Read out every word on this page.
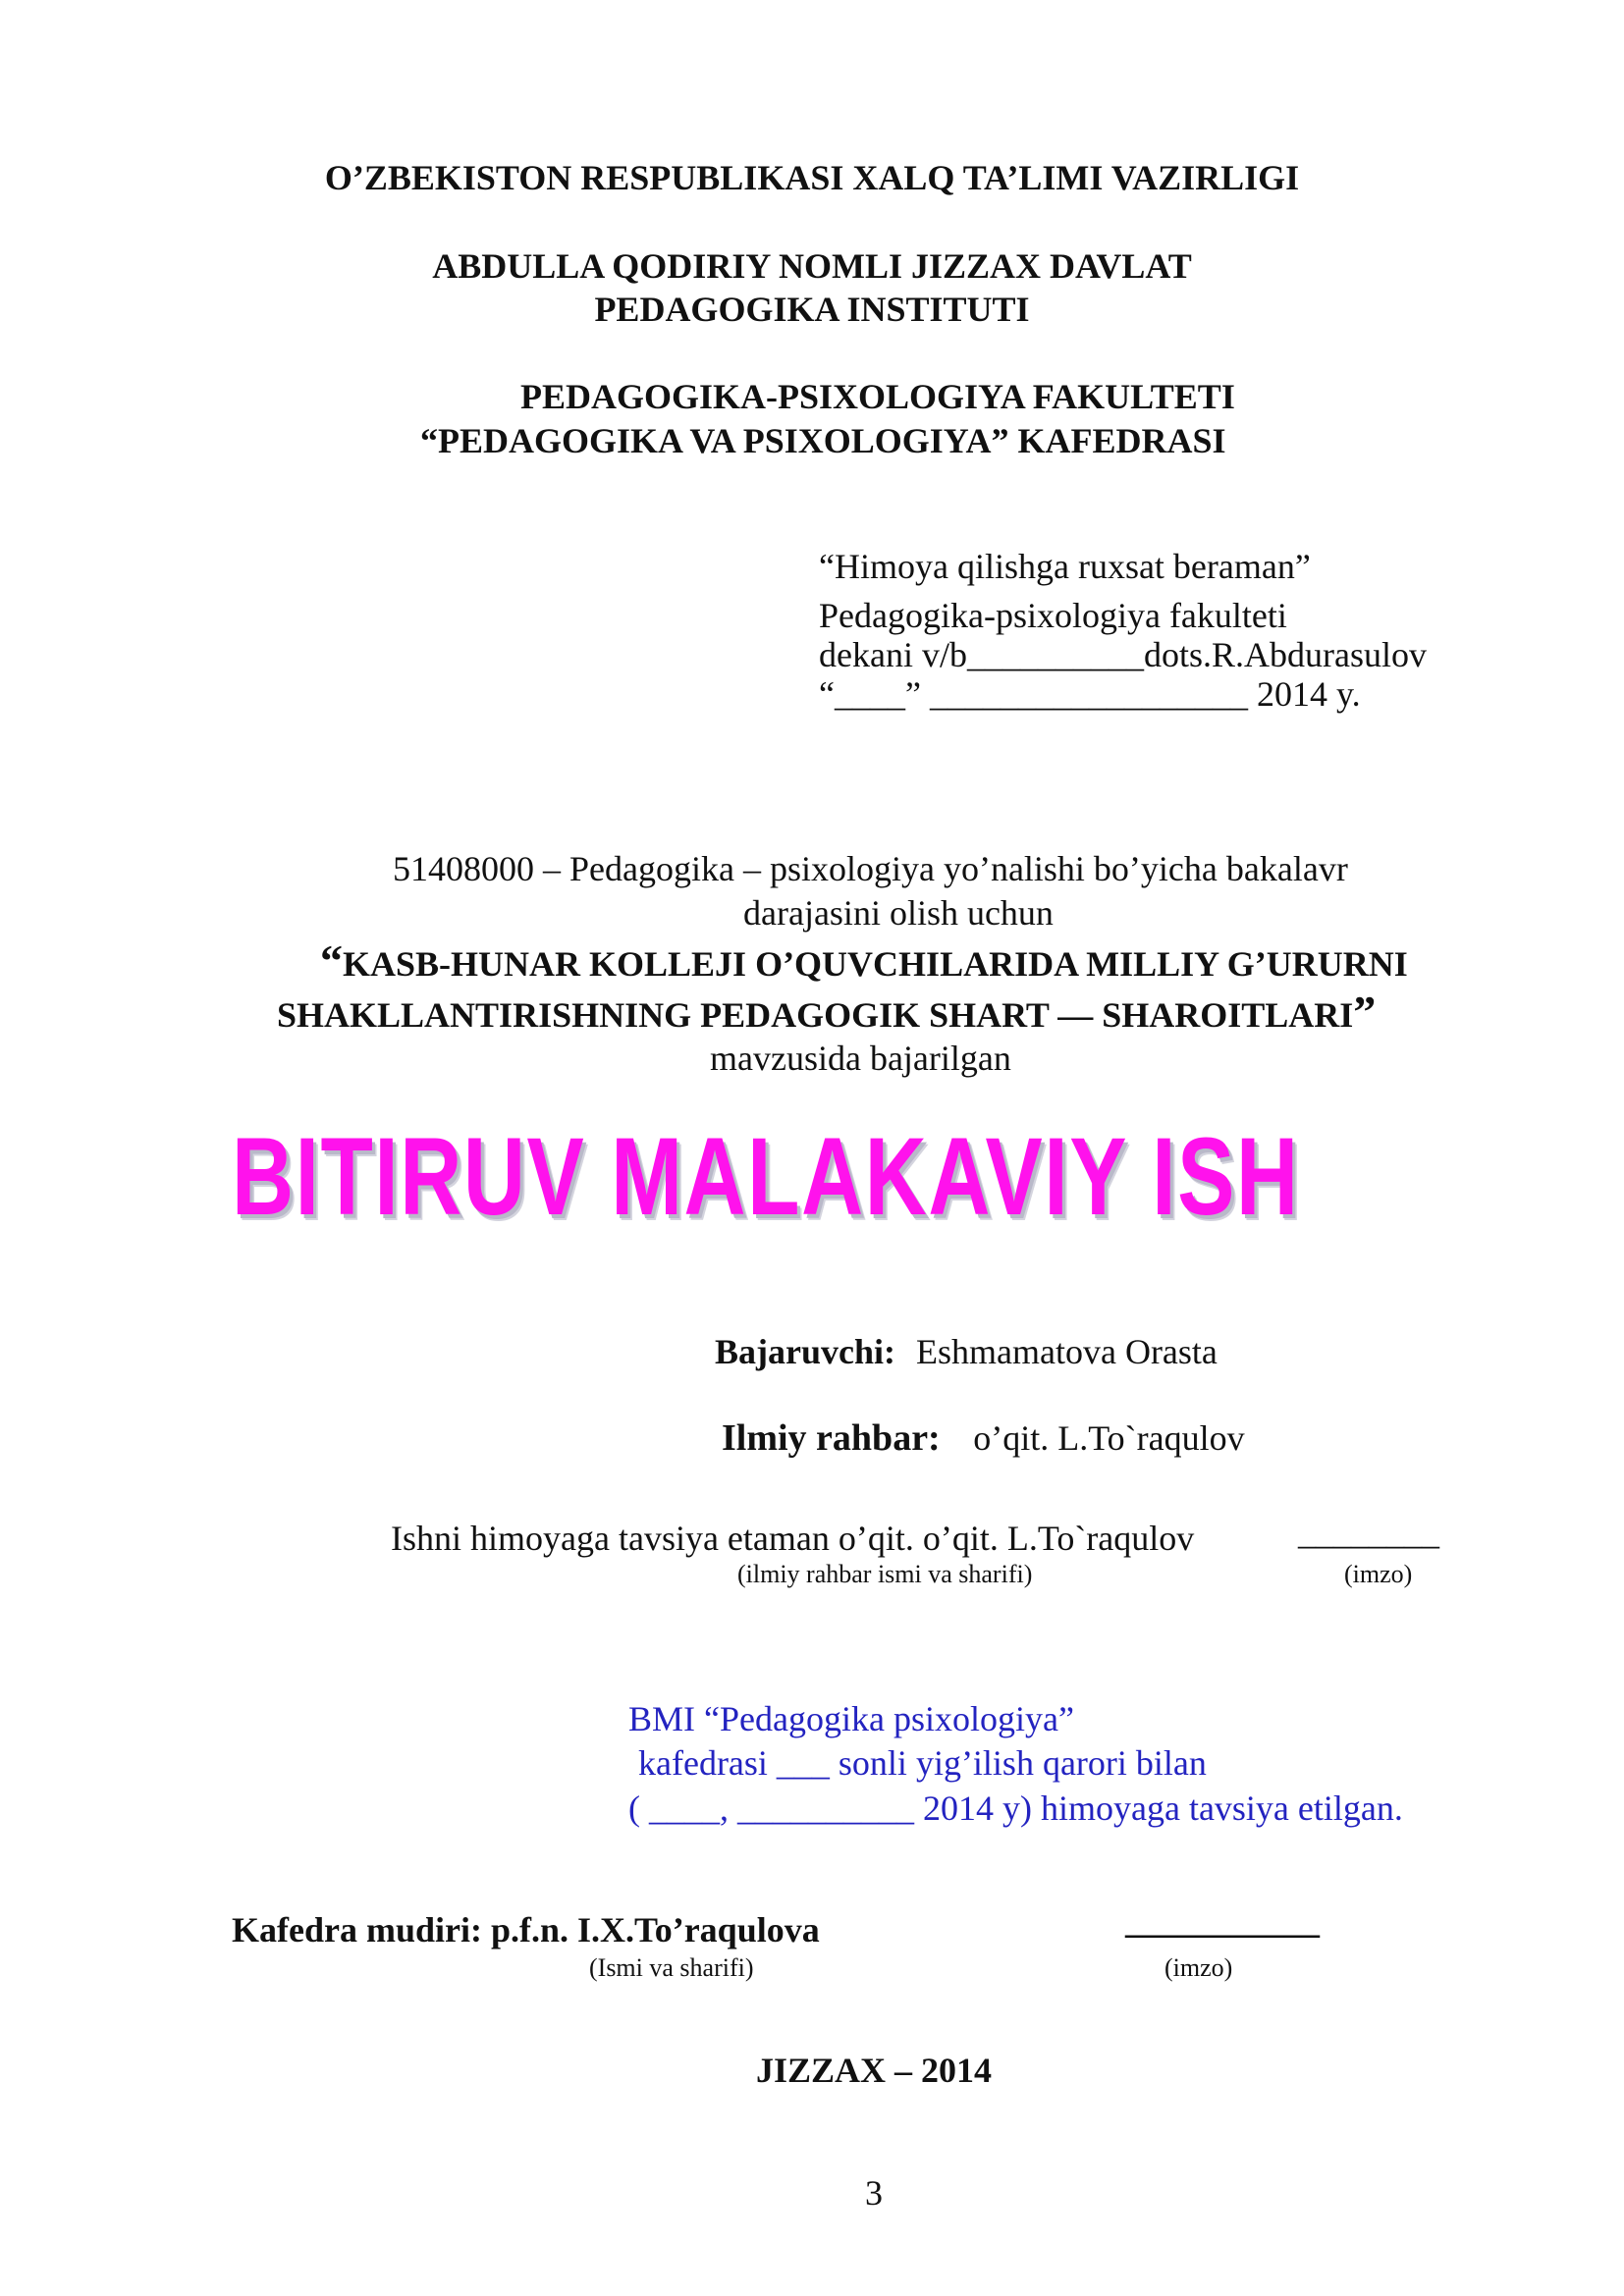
O’ZBEKISTON RESPUBLIKASI XALQ TA’LIMI VAZIRLIGI
ABDULLA QODIRIY NOMLI JIZZAX DAVLAT
PEDAGOGIKA INSTITUTI
PEDAGOGIKA-PSIXOLOGIYA FAKULTETI
“PEDAGOGIKA VA PSIXOLOGIYA” KAFEDRASI
“Himoya qilishga ruxsat beraman”
Pedagogika-psixologiya fakulteti
dekani v/b__________dots.R.Abdurasulov
“____” __________________ 2014 y.
51408000 – Pedagogika – psixologiya yo’nalishi bo’yicha bakalavr
darajasini olish uchun
“KASB-HUNAR KOLLEJI O’QUVCHILARIDA MILLIY G’URURNI
SHAKLLANTIRISHNING PEDAGOGIK SHART — SHAROITLARI”
mavzusida bajarilgan
BITIRUV MALAKAVIY ISH
Bajaruvchi: Eshmamatova Orasta
Ilmiy rahbar: o’qit. L.To`raqulov
Ishni himoyaga tavsiya etaman o’qit. o’qit. L.To`raqulov	________
(ilmiy rahbar ismi va sharifi)	(imzo)
BMI “Pedagogika psixologiya”
kafedrasi ___ sonli yig’ilish qarori bilan
( ____, __________ 2014 y) himoyaga tavsiya etilgan.
Kafedra mudiri: p.f.n. I.X.To’raqulova	___________
(Ismi va sharifi)	(imzo)
JIZZAX – 2014
3
